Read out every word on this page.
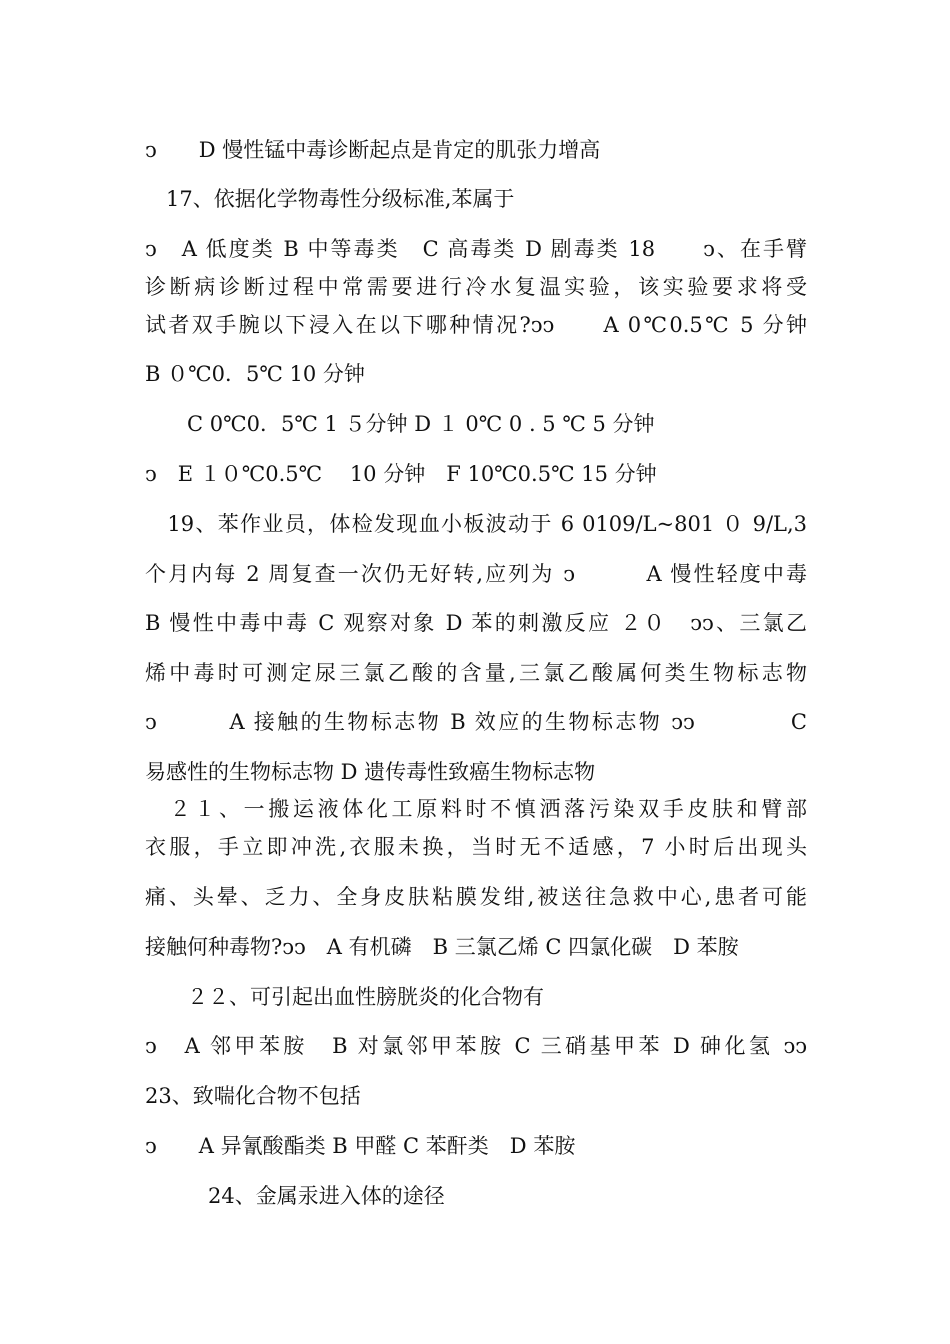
ↄ　　D 慢性锰中毒诊断起点是肯定的肌张力增高
　17、依据化学物毒性分级标准,苯属于
ↄ　A 低度类 B 中等毒类　C 高毒类 D 剧毒类 18　　ↄ、在手臂
诊断病诊断过程中常需要进行冷水复温实验，该实验要求将受
试者双手腕以下浸入在以下哪种情况?ↄↄ　　A 0℃0.5℃ 5 分钟
B ０℃0．5℃ 10 分钟
　　C 0℃0．5℃ 1 ５分钟 D １ 0℃ 0 . 5 ℃ 5 分钟
ↄ　E １０℃0.5℃　 10 分钟　F 10℃0.5℃ 15 分钟
　19、苯作业员，体检发现血小板波动于 6 0109/L~801 ０ 9/L,3
个月内每 2 周复查一次仍无好转,应列为 ↄ　　　A 慢性轻度中毒
B 慢性中毒中毒 C 观察对象 D 苯的刺激反应 ２０　ↄↄ、三氯乙
烯中毒时可测定尿三氯乙酸的含量,三氯乙酸属何类生物标志物
ↄ　　　A 接触的生物标志物 B 效应的生物标志物 ↄↄ　　　　C
易感性的生物标志物 D 遗传毒性致癌生物标志物
　２１、一搬运液体化工原料时不慎洒落污染双手皮肤和臂部
衣服，手立即冲洗,衣服未换，当时无不适感，7 小时后出现头
痛、头晕、乏力、全身皮肤粘膜发绀,被送往急救中心,患者可能
接触何种毒物?ↄↄ　A 有机磷　B 三氯乙烯 C 四氯化碳　D 苯胺
　　２２、可引起出血性膀胱炎的化合物有
ↄ　A 邻甲苯胺　B 对氯邻甲苯胺 C 三硝基甲苯 D 砷化氢 ↄↄ
23、致喘化合物不包括
ↄ　　A 异氰酸酯类 B 甲醛 C 苯酐类　D 苯胺
　　　24、金属汞进入体的途径
